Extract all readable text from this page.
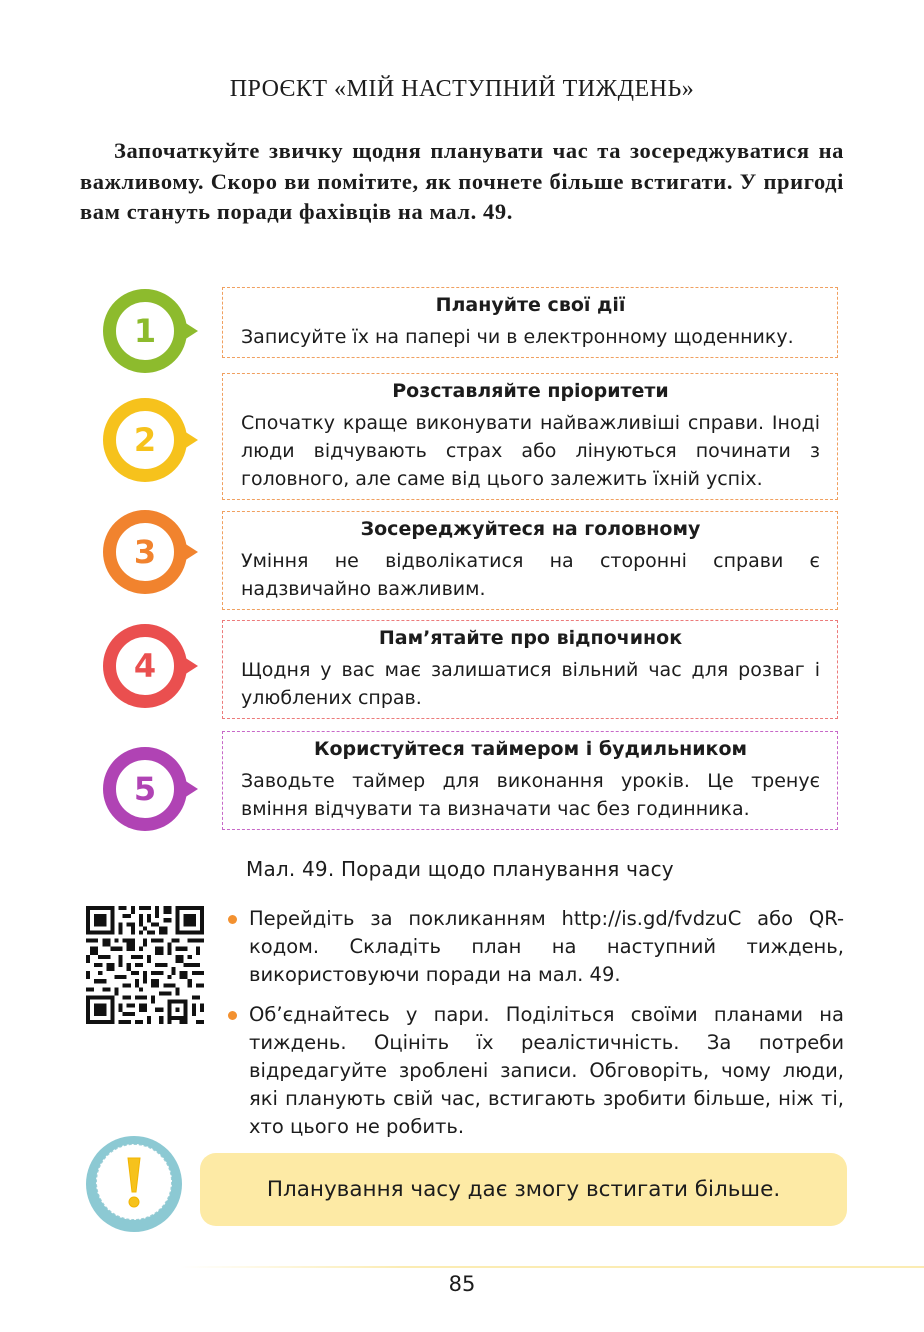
ПРОЄКТ «МІЙ НАСТУПНИЙ ТИЖДЕНЬ»

Започаткуйте звичку щодня планувати час та зосереджуватися на важливому. Скоро ви помітите, як почнете більше встигати. У пригоді вам стануть поради фахівців на мал. 49.

1
Плануйте свої дії

Записуйте їх на папері чи в електронному щоденнику.

2
Розставляйте пріоритети

Спочатку краще виконувати найважливіші справи. Іноді люди відчувають страх або лінуються починати з головного, але саме від цього залежить їхній успіх.

3
Зосереджуйтеся на головному

Уміння не відволікатися на сторонні справи є надзвичайно важливим.

4
Пам’ятайте про відпочинок

Щодня у вас має залишатися вільний час для розваг і улюблених справ.

5
Користуйтеся таймером і будильником

Заводьте таймер для виконання уроків. Це тренує вміння відчувати та визначати час без годинника.

Мал. 49. Поради щодо планування часу
Перейдіть за покликанням http://is.gd/fvdzuC або QR-кодом. Складіть план на наступний тиждень, використовуючи поради на мал. 49.
Об’єднайтесь у пари. Поділіться своїми планами на тиждень. Оцініть їх реалістичність. За потреби відредагуйте зроблені записи. Обговоріть, чому люди, які планують свій час, встигають зробити більше, ніж ті, хто цього не робить.
Планування часу дає змогу встигати більше.
85
